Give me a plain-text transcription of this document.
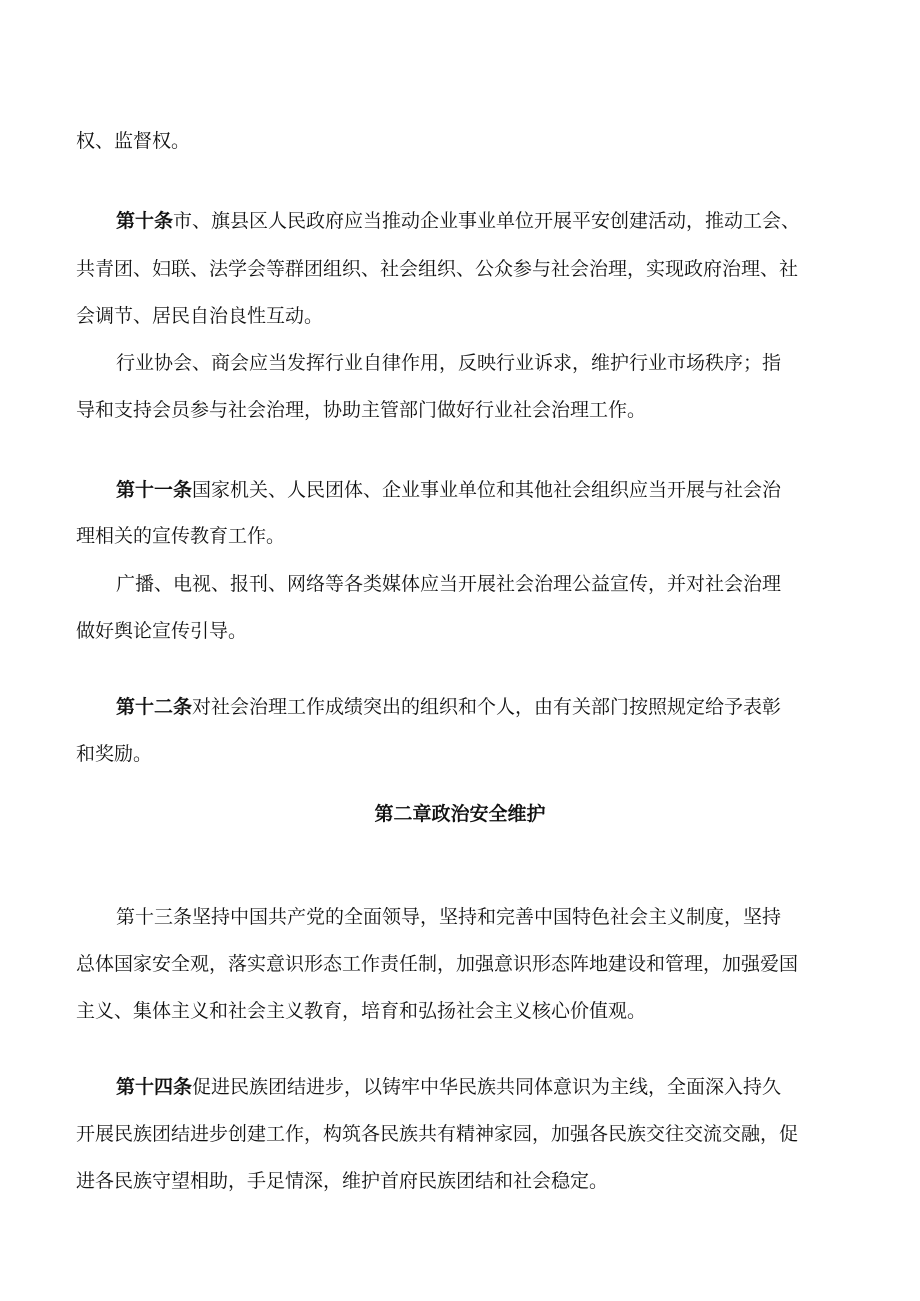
权、监督权。
第十条市、旗县区人民政府应当推动企业事业单位开展平安创建活动，推动工会、
共青团、妇联、法学会等群团组织、社会组织、公众参与社会治理，实现政府治理、社
会调节、居民自治良性互动。
行业协会、商会应当发挥行业自律作用，反映行业诉求，维护行业市场秩序；指
导和支持会员参与社会治理，协助主管部门做好行业社会治理工作。
第十一条国家机关、人民团体、企业事业单位和其他社会组织应当开展与社会治
理相关的宣传教育工作。
广播、电视、报刊、网络等各类媒体应当开展社会治理公益宣传，并对社会治理
做好舆论宣传引导。
第十二条对社会治理工作成绩突出的组织和个人，由有关部门按照规定给予表彰
和奖励。
第二章政治安全维护
第十三条坚持中国共产党的全面领导，坚持和完善中国特色社会主义制度，坚持
总体国家安全观，落实意识形态工作责任制，加强意识形态阵地建设和管理，加强爱国
主义、集体主义和社会主义教育，培育和弘扬社会主义核心价值观。
第十四条促进民族团结进步，以铸牢中华民族共同体意识为主线，全面深入持久
开展民族团结进步创建工作，构筑各民族共有精神家园，加强各民族交往交流交融，促
进各民族守望相助，手足情深，维护首府民族团结和社会稳定。
